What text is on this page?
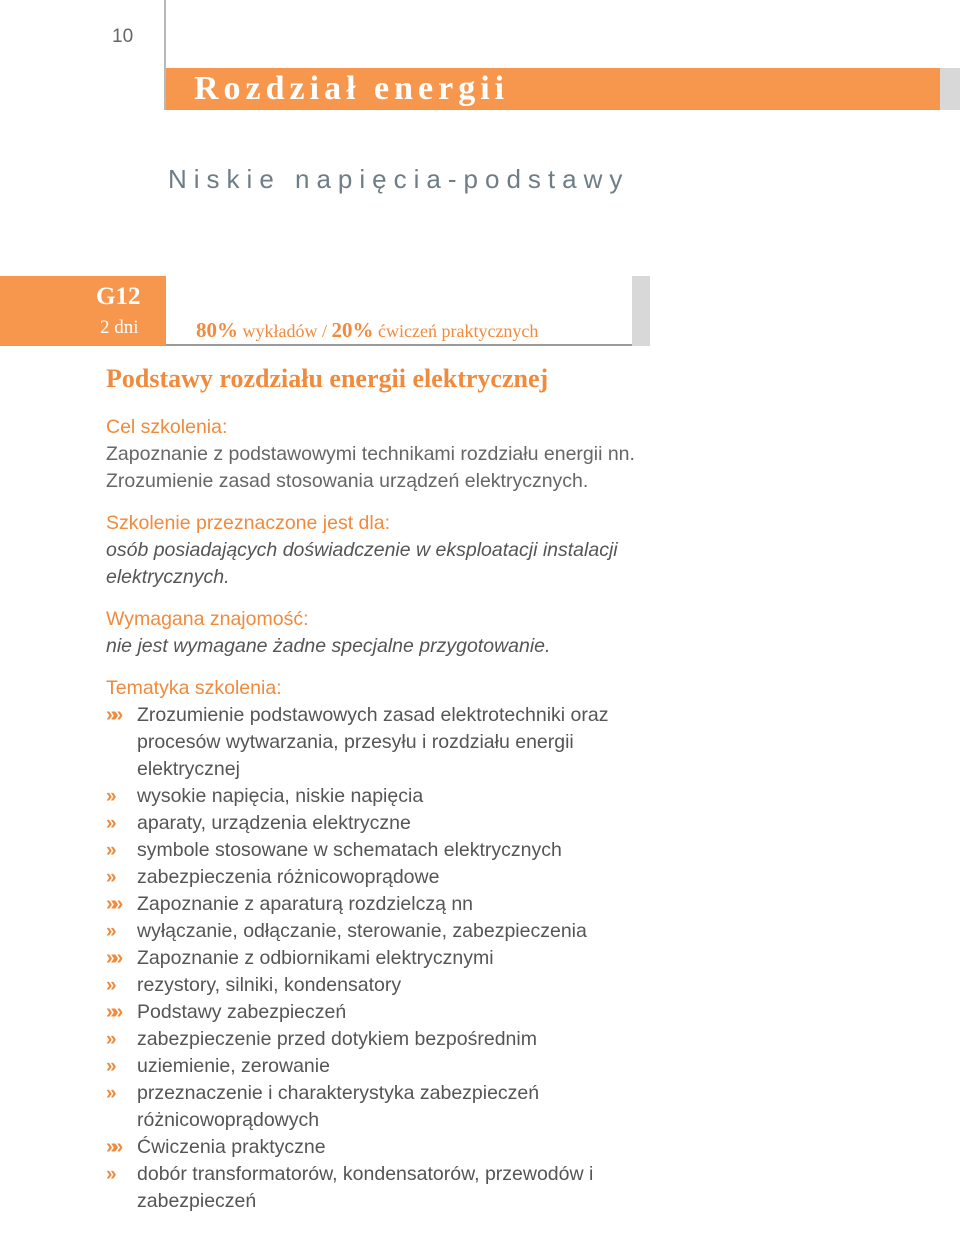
10
Rozdział energii
Niskie napięcia-podstawy
G12
2 dni	80% wykładów / 20% ćwiczeń praktycznych
Podstawy rozdziału energii elektrycznej
Cel szkolenia:
Zapoznanie z podstawowymi technikami rozdziału energii nn. Zrozumienie zasad stosowania urządzeń elektrycznych.
Szkolenie przeznaczone jest dla:
osób posiadających doświadczenie w eksploatacji instalacji elektrycznych.
Wymagana znajomość:
nie jest wymagane żadne specjalne przygotowanie.
Tematyka szkolenia:
»» Zrozumienie podstawowych zasad elektrotechniki oraz procesów wytwarzania, przesyłu i rozdziału energii elektrycznej
» wysokie napięcia, niskie napięcia
» aparaty, urządzenia elektryczne
» symbole stosowane w schematach elektrycznych
» zabezpieczenia różnicowoprądowe
»» Zapoznanie z aparaturą rozdzielczą nn
» wyłączanie, odłączanie, sterowanie, zabezpieczenia
»» Zapoznanie z odbiornikami elektrycznymi
» rezystory, silniki, kondensatory
»» Podstawy zabezpieczeń
» zabezpieczenie przed dotykiem bezpośrednim
» uziemienie, zerowanie
» przeznaczenie i charakterystyka zabezpieczeń różnicowoprądowych
»» Ćwiczenia praktyczne
» dobór transformatorów, kondensatorów, przewodów i zabezpieczeń
